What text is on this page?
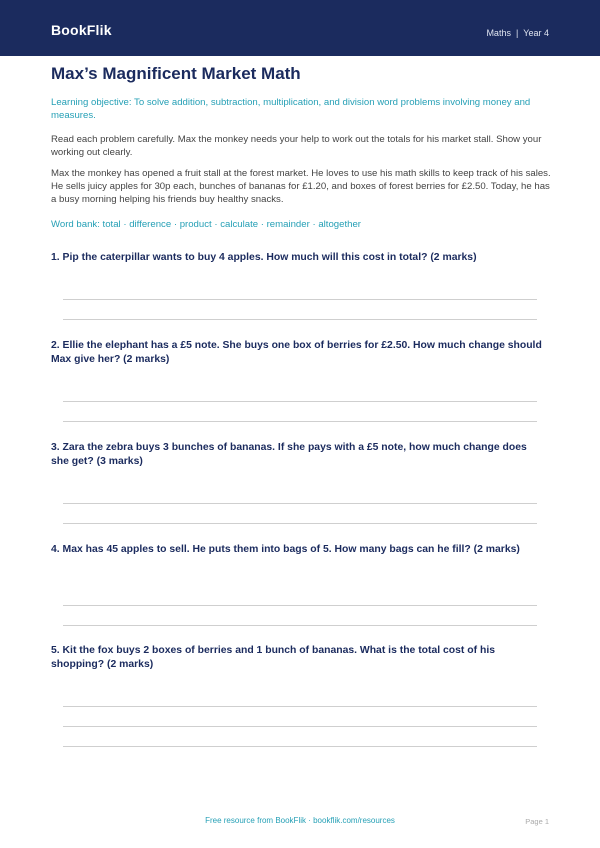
BookFlik	Maths | Year 4
Max’s Magnificent Market Math
Learning objective: To solve addition, subtraction, multiplication, and division word problems involving money and measures.
Read each problem carefully. Max the monkey needs your help to work out the totals for his market stall. Show your working out clearly.
Max the monkey has opened a fruit stall at the forest market. He loves to use his math skills to keep track of his sales. He sells juicy apples for 30p each, bunches of bananas for £1.20, and boxes of forest berries for £2.50. Today, he has a busy morning helping his friends buy healthy snacks.
Word bank: total · difference · product · calculate · remainder · altogether
1. Pip the caterpillar wants to buy 4 apples. How much will this cost in total? (2 marks)
2. Ellie the elephant has a £5 note. She buys one box of berries for £2.50. How much change should Max give her? (2 marks)
3. Zara the zebra buys 3 bunches of bananas. If she pays with a £5 note, how much change does she get? (3 marks)
4. Max has 45 apples to sell. He puts them into bags of 5. How many bags can he fill? (2 marks)
5. Kit the fox buys 2 boxes of berries and 1 bunch of bananas. What is the total cost of his shopping? (2 marks)
Free resource from BookFlik · bookflik.com/resources	Page 1
